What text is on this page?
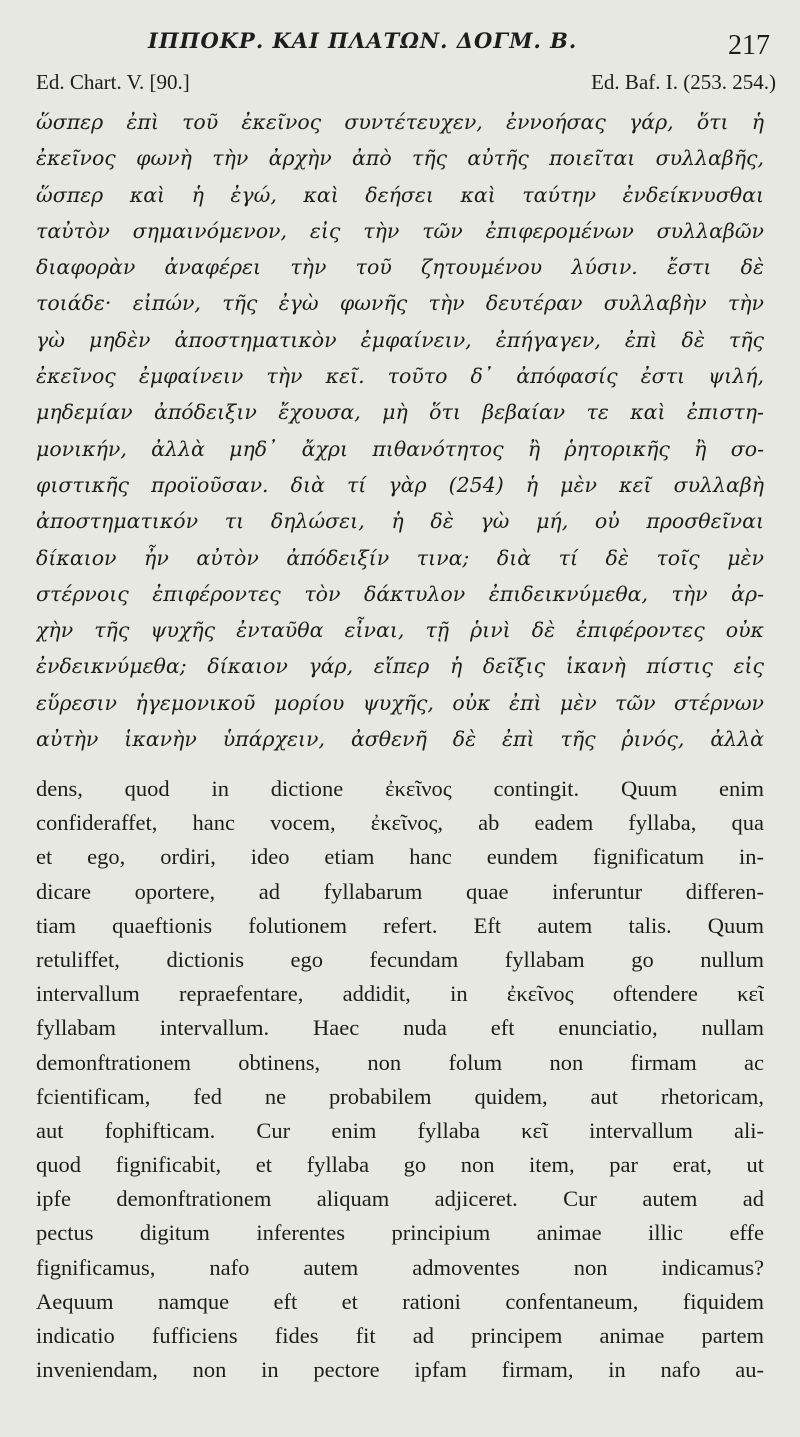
ΙΠΠΟΚΡ. ΚΑΙ ΠΛΑΤΩΝ. ΔΟΓΜ. Β.	217
Ed. Chart. V. [90.]	Ed. Baf. I. (253. 254.)
ὥσπερ ἐπὶ τοῦ ἐκεῖνος συντέτευχεν, ἐννοήσας γάρ, ὅτι ἡ
ἐκεῖνος φωνὴ τὴν ἀρχὴν ἀπὸ τῆς αὐτῆς ποιεῖται συλλαβῆς,
ὥσπερ καὶ ἡ ἐγώ, καὶ δεήσει καὶ ταύτην ἐνδείκνυσθαι
ταὐτὸν σημαινόμενον, εἰς τὴν τῶν ἐπιφερομένων συλλαβῶν
διαφορὰν ἀναφέρει τὴν τοῦ ζητουμένου λύσιν. ἔστι δὲ
τοιάδε· εἰπών, τῆς ἐγὼ φωνῆς τὴν δευτέραν συλλαβὴν τὴν
γὼ μηδὲν ἀποστηματικὸν ἐμφαίνειν, ἐπήγαγεν, ἐπὶ δὲ τῆς
ἐκεῖνος ἐμφαίνειν τὴν κεῖ. τοῦτο δ᾽ ἀπόφασίς ἐστι ψιλή,
μηδεμίαν ἀπόδειξιν ἔχουσα, μὴ ὅτι βεβαίαν τε καὶ ἐπιστη-
μονικήν, ἀλλὰ μηδ᾽ ἄχρι πιθανότητος ἢ ῥητορικῆς ἢ σο-
φιστικῆς προϊοῦσαν. διὰ τί γὰρ (254) ἡ μὲν κεῖ συλλαβὴ
ἀποστηματικόν τι δηλώσει, ἡ δὲ γὼ μή, οὐ προσθεῖναι
δίκαιον ἦν αὐτὸν ἀπόδειξίν τινα; διὰ τί δὲ τοῖς μὲν
στέρνοις ἐπιφέροντες τὸν δάκτυλον ἐπιδεικνύμεθα, τὴν ἀρ-
χὴν τῆς ψυχῆς ἐνταῦθα εἶναι, τῇ ῥινὶ δὲ ἐπιφέροντες οὐκ
ἐνδεικνύμεθα; δίκαιον γάρ, εἴπερ ἡ δεῖξις ἱκανὴ πίστις εἰς
εὕρεσιν ἡγεμονικοῦ μορίου ψυχῆς, οὐκ ἐπὶ μὲν τῶν στέρνων
αὐτὴν ἱκανὴν ὑπάρχειν, ἀσθενῆ δὲ ἐπὶ τῆς ῥινός, ἀλλὰ
dens, quod in dictione ἐκεῖνος contingit. Quum enim
confideraffet, hanc vocem, ἐκεῖνος, ab eadem fyllaba, qua
et ego, ordiri, ideo etiam hanc eundem fignificatum in-
dicare oportere, ad fyllabarum quae inferuntur differen-
tiam quaeftionis folutionem refert. Eft autem talis. Quum
retuliffet, dictionis ego fecundam fyllabam go nullum
intervallum repraefentare, addidit, in ἐκεῖνος oftendere κεῖ
fyllabam intervallum. Haec nuda eft enunciatio, nullam
demonftrationem obtinens, non folum non firmam ac
fcientificam, fed ne probabilem quidem, aut rhetoricam,
aut fophifticam. Cur enim fyllaba κεῖ intervallum ali-
quod fignificabit, et fyllaba go non item, par erat, ut
ipfe demonftrationem aliquam adjiceret. Cur autem ad
pectus digitum inferentes principium animae illic effe
fignificamus, nafo autem admoventes non indicamus?
Aequum namque eft et rationi confentaneum, fiquidem
indicatio fufficiens fides fit ad principem animae partem
inveniendam, non in pectore ipfam firmam, in nafo au-
